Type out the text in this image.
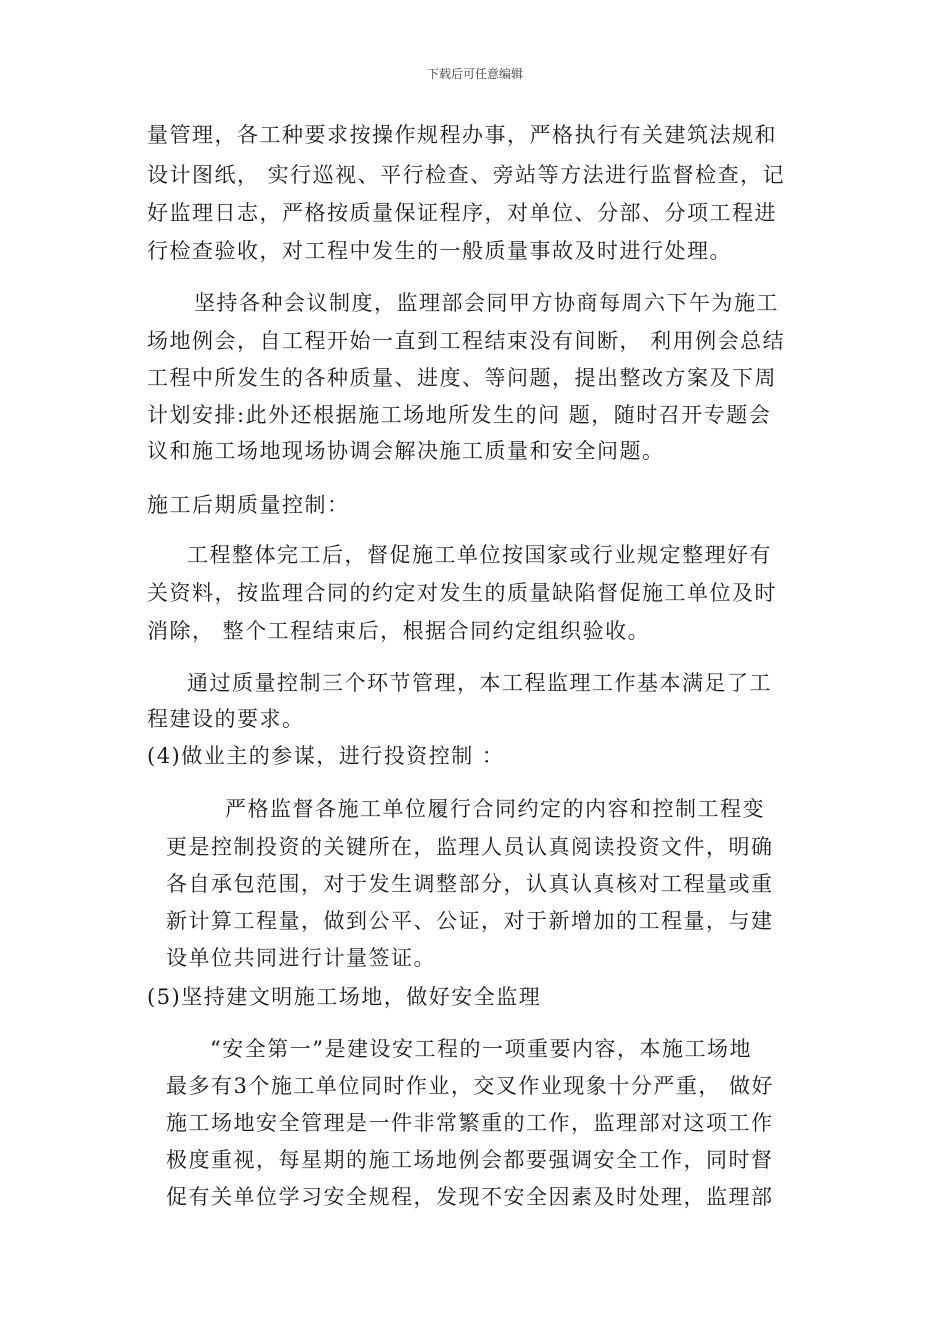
下载后可任意编辑
量管理，各工种要求按操作规程办事，严格执行有关建筑法规和
设计图纸， 实行巡视、平行检查、旁站等方法进行监督检查，记
好监理日志，严格按质量保证程序，对单位、分部、分项工程进
行检查验收，对工程中发生的一般质量事故及时进行处理。
坚持各种会议制度，监理部会同甲方协商每周六下午为施工
场地例会，自工程开始一直到工程结束没有间断， 利用例会总结
工程中所发生的各种质量、进度、等问题，提出整改方案及下周
计划安排:此外还根据施工场地所发生的问 题，随时召开专题会
议和施工场地现场协调会解决施工质量和安全问题。
施工后期质量控制：
工程整体完工后，督促施工单位按国家或行业规定整理好有
关资料，按监理合同的约定对发生的质量缺陷督促施工单位及时
消除， 整个工程结束后，根据合同约定组织验收。
通过质量控制三个环节管理，本工程监理工作基本满足了工
程建设的要求。
(4)做业主的参谋，进行投资控制 ：
严格监督各施工单位履行合同约定的内容和控制工程变
更是控制投资的关键所在，监理人员认真阅读投资文件，明确
各自承包范围，对于发生调整部分，认真认真核对工程量或重
新计算工程量，做到公平、公证，对于新增加的工程量，与建
设单位共同进行计量签证。
(5)坚持建文明施工场地，做好安全监理
“安全第一”是建设安工程的一项重要内容，本施工场地
最多有3个施工单位同时作业，交叉作业现象十分严重， 做好
施工场地安全管理是一件非常繁重的工作，监理部对这项工作
极度重视，每星期的施工场地例会都要强调安全工作，同时督
促有关单位学习安全规程，发现不安全因素及时处理，监理部
